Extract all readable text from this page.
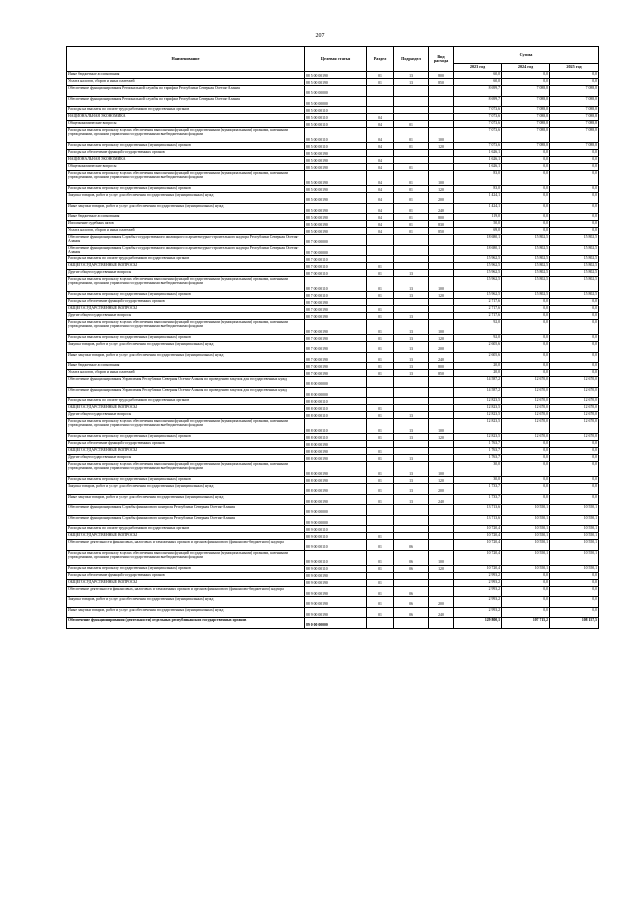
207
Наименование	Целевая статья	Раздел	Подраздел	Вид расхода	Сумма		
					2023 год	2024 год	2025 год
Иные бюджетные ассигнования	88 5 00 00190	01	13	800	60,0	0,0	0,0
Уплата налогов, сборов и иных платежей	88 5 00 00190	01	13	850	60,0	0,0	0,0
Обеспечение функционирования Региональной службы по тарифам Республики Северная Осетия-Алания	88 5 00 00000				8 699,7	7 088,8	7 088,8
Обеспечение функционирования Региональной службы по тарифам Республики Северная Осетия-Алания	88 5 00 00000				8 699,7	7 088,8	7 088,8
Расходы на выплаты по оплате труда работников государственных органов	88 5 00 00110				7 073,6	7 088,8	7 088,8
НАЦИОНАЛЬНАЯ ЭКОНОМИКА	88 5 00 00110	04			7 073,6	7 088,8	7 088,8
Общеэкономические вопросы	88 5 00 00110	04	01		7 073,6	7 088,8	7 088,8
Расходы на выплаты персоналу в целях обеспечения выполнения функций государственными (муниципальными) органами, казенными учреждениями, органами управления государственными внебюджетными фондами	88 5 00 00110	04	01	100	7 073,6	7 088,8	7 088,8
Расходы на выплаты персоналу государственных (муниципальных) органов	88 5 00 00110	04	01	120	7 073,6	7 088,8	7 088,8
Расходы на обеспечение функций государственных органов	88 5 00 00190				1 626,1	0,0	0,0
НАЦИОНАЛЬНАЯ ЭКОНОМИКА	88 5 00 00190	04			1 626,1	0,0	0,0
Общеэкономические вопросы	88 5 00 00190	04	01		1 626,1	0,0	0,0
Расходы на выплаты персоналу в целях обеспечения выполнения функций государственными (муниципальными) органами, казенными учреждениями, органами управления государственными внебюджетными фондами	88 5 00 00190	04	01	100	83,0	0,0	0,0
Расходы на выплаты персоналу государственных (муниципальных) органов	88 5 00 00190	04	01	120	83,0	0,0	0,0
Закупка товаров, работ и услуг для обеспечения государственных (муниципальных) нужд	88 5 00 00190	04	01	200	1 424,1	0,0	0,0
Иные закупки товаров, работ и услуг для обеспечения государственных (муниципальных) нужд	88 5 00 00190	04	01	240	1 424,1	0,0	0,0
Иные бюджетные ассигнования	88 5 00 00190	04	01	800	119,0	0,0	0,0
Исполнение судебных актов	88 5 00 00190	04	01	830	50,0	0,0	0,0
Уплата налогов, сборов и иных платежей	88 5 00 00190	04	01	850	69,0	0,0	0,0
Обеспечение функционирования Службы государственного жилищного и архитектурно-строительного надзора Республики Северная Осетия-Алания	88 7 00 00000				18 680,1	15 802,5	15 802,5
Обеспечение функционирования Службы государственного жилищного и архитектурно-строительного надзора Республики Северная Осетия-Алания	88 7 00 00000				18 680,1	15 802,5	15 802,5
Расходы на выплаты по оплате труда работников государственных органов	88 7 00 00110				15 962,5	15 802,5	15 802,5
ОБЩЕГОСУДАРСТВЕННЫЕ ВОПРОСЫ	88 7 00 00110	01			15 962,5	15 802,5	15 802,5
Другие общегосударственные вопросы	88 7 00 00110	01	13		15 962,5	15 802,5	15 802,5
Расходы на выплаты персоналу в целях обеспечения выполнения функций государственными (муниципальными) органами, казенными учреждениями, органами управления государственными внебюджетными фондами	88 7 00 00110	01	13	100	15 962,5	15 802,5	15 802,5
Расходы на выплаты персоналу государственных (муниципальных) органов	88 7 00 00110	01	13	120	15 962,5	15 802,5	15 802,5
Расходы на обеспечение функций государственных органов	88 7 00 00190				2 717,6	0,0	0,0
ОБЩЕГОСУДАРСТВЕННЫЕ ВОПРОСЫ	88 7 00 00190	01			2 717,6	0,0	0,0
Другие общегосударственные вопросы	88 7 00 00190	01	13		2 717,6	0,0	0,0
Расходы на выплаты персоналу в целях обеспечения выполнения функций государственными (муниципальными) органами, казенными учреждениями, органами управления государственными внебюджетными фондами	88 7 00 00190	01	13	100	92,0	0,0	0,0
Расходы на выплаты персоналу государственных (муниципальных) органов	88 7 00 00190	01	13	120	92,0	0,0	0,0
Закупка товаров, работ и услуг для обеспечения государственных (муниципальных) нужд	88 7 00 00190	01	13	200	2 605,6	0,0	0,0
Иные закупки товаров, работ и услуг для обеспечения государственных (муниципальных) нужд	88 7 00 00190	01	13	240	2 605,6	0,0	0,0
Иные бюджетные ассигнования	88 7 00 00190	01	13	800	20,0	0,0	0,0
Уплата налогов, сборов и иных платежей	88 7 00 00190	01	13	850	20,0	0,0	0,0
Обеспечение функционирования Управления Республики Северная Осетия-Алания по проведению закупок для государственных нужд	88 8 00 00000				14 587,2	12 670,0	12 670,0
Обеспечение функционирования Управления Республики Северная Осетия-Алания по проведению закупок для государственных нужд	88 8 00 00000				14 587,2	12 670,0	12 670,0
Расходы на выплаты по оплате труда работников государственных органов	88 8 00 00110				12 823,5	12 670,0	12 670,0
ОБЩЕГОСУДАРСТВЕННЫЕ ВОПРОСЫ	88 8 00 00110	01			12 823,5	12 670,0	12 670,0
Другие общегосударственные вопросы	88 8 00 00110	01	13		12 823,5	12 670,0	12 670,0
Расходы на выплаты персоналу в целях обеспечения выполнения функций государственными (муниципальными) органами, казенными учреждениями, органами управления государственными внебюджетными фондами	88 8 00 00110	01	13	100	12 823,5	12 670,0	12 670,0
Расходы на выплаты персоналу государственных (муниципальных) органов	88 8 00 00110	01	13	120	12 823,5	12 670,0	12 670,0
Расходы на обеспечение функций государственных органов	88 8 00 00190				1 763,7	0,0	0,0
ОБЩЕГОСУДАРСТВЕННЫЕ ВОПРОСЫ	88 8 00 00190	01			1 763,7	0,0	0,0
Другие общегосударственные вопросы	88 8 00 00190	01	13		1 763,7	0,0	0,0
Расходы на выплаты персоналу в целях обеспечения выполнения функций государственными (муниципальными) органами, казенными учреждениями, органами управления государственными внебюджетными фондами	88 8 00 00190	01	13	100	30,0	0,0	0,0
Расходы на выплаты персоналу государственных (муниципальных) органов	88 8 00 00190	01	13	120	30,0	0,0	0,0
Закупка товаров, работ и услуг для обеспечения государственных (муниципальных) нужд	88 8 00 00190	01	13	200	1 733,7	0,0	0,0
Иные закупки товаров, работ и услуг для обеспечения государственных (муниципальных) нужд	88 8 00 00190	01	13	240	1 733,7	0,0	0,0
Обеспечение функционирования Службы финансового контроля Республики Северная Осетия-Алания	88 9 00 00000				13 713,6	10 550,1	10 550,1
Обеспечение функционирования Службы финансового контроля Республики Северная Осетия-Алания	88 9 00 00000				13 713,6	10 550,1	10 550,1
Расходы на выплаты по оплате труда работников государственных органов	88 9 00 00110				10 720,4	10 550,1	10 550,1
ОБЩЕГОСУДАРСТВЕННЫЕ ВОПРОСЫ	88 9 00 00110	01			10 720,4	10 550,1	10 550,1
Обеспечение деятельности финансовых, налоговых и таможенных органов и органов финансового (финансово-бюджетного) надзора	88 9 00 00110	01	06		10 720,4	10 550,1	10 550,1
Расходы на выплаты персоналу в целях обеспечения выполнения функций государственными (муниципальными) органами, казенными учреждениями, органами управления государственными внебюджетными фондами	88 9 00 00110	01	06	100	10 720,4	10 550,1	10 550,1
Расходы на выплаты персоналу государственных (муниципальных) органов	88 9 00 00110	01	06	120	10 720,4	10 550,1	10 550,1
Расходы на обеспечение функций государственных органов	88 9 00 00190				2 993,2	0,0	0,0
ОБЩЕГОСУДАРСТВЕННЫЕ ВОПРОСЫ	88 9 00 00190	01			2 993,2	0,0	0,0
Обеспечение деятельности финансовых, налоговых и таможенных органов и органов финансового (финансово-бюджетного) надзора	88 9 00 00190	01	06		2 993,2	0,0	0,0
Закупка товаров, работ и услуг для обеспечения государственных (муниципальных) нужд	88 9 00 00190	01	06	200	2 993,2	0,0	0,0
Иные закупки товаров, работ и услуг для обеспечения государственных (муниципальных) нужд	88 9 00 00190	01	06	240	2 993,2	0,0	0,0
Обеспечение функционирования (деятельности) отдельных республиканских государственных органов	89 0 00 00000				129 800,1	107 715,2	108 157,5
